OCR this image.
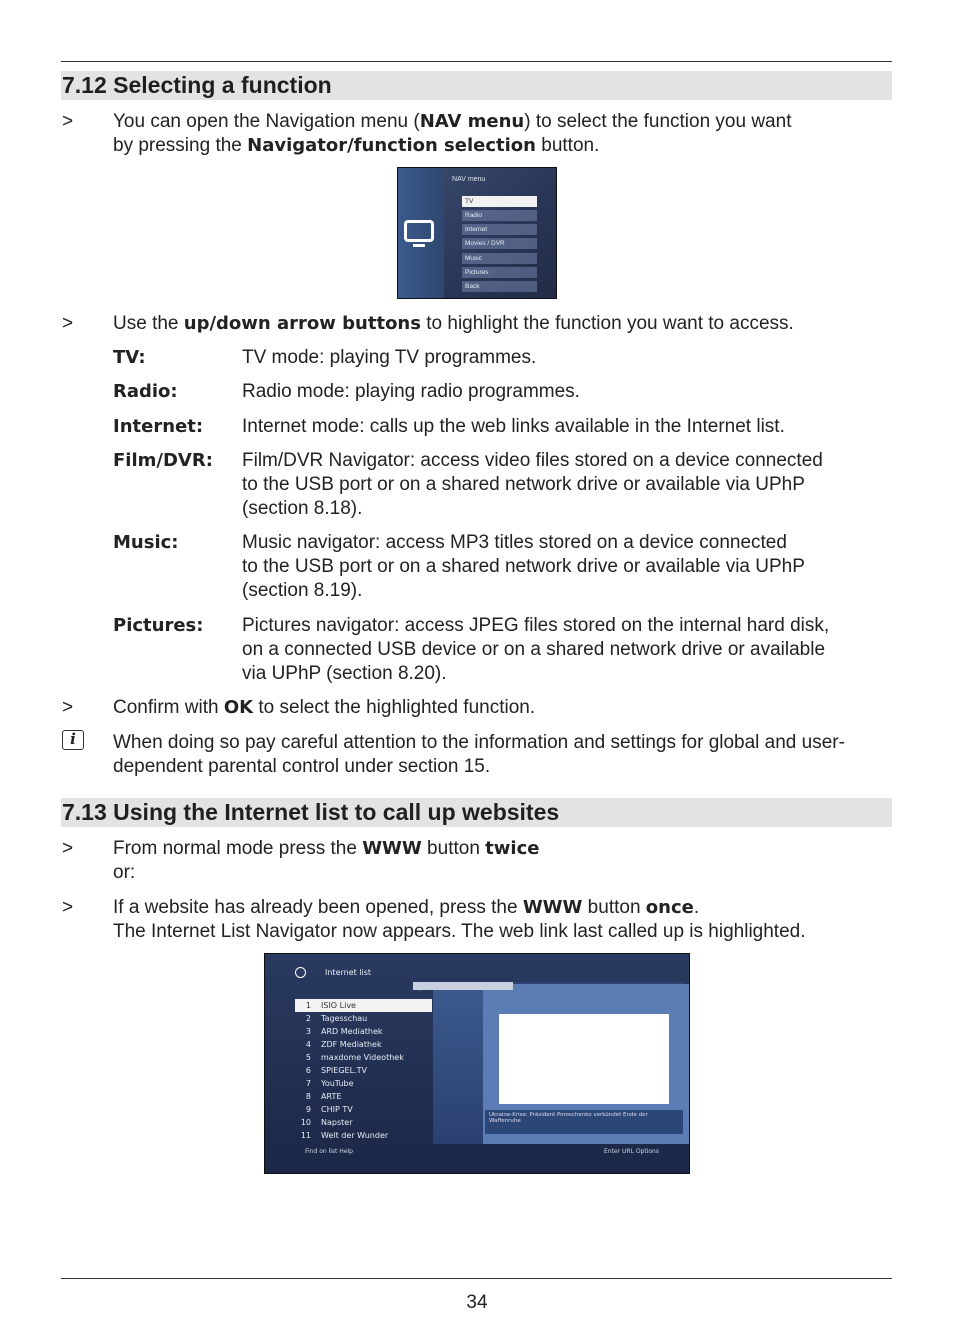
7.12 Selecting a function
> You can open the Navigation menu (NAV menu) to select the function you want
by pressing the Navigator/function selection button.
NAV menu
TV
Radio
Internet
Movies / DVR
Music
Pictures
Back
> Use the up/down arrow buttons to highlight the function you want to access.
TV:	TV mode: playing TV programmes.
Radio:	Radio mode: playing radio programmes.
Internet: Internet mode: calls up the web links available in the Internet list.
Film/DVR: Film/DVR Navigator: access video files stored on a device connected
to the USB port or on a shared network drive or available via UPhP
(section 8.18).
Music:	Music navigator: access MP3 titles stored on a device connected
to the USB port or on a shared network drive or available via UPhP
(section 8.19).
Pictures: Pictures navigator: access JPEG files stored on the internal hard disk,
on a connected USB device or on a shared network drive or available
via UPhP (section 8.20).
> Confirm with OK to select the highlighted function.
i	When doing so pay careful attention to the information and settings for global and user-
dependent parental control under section 15.
7.13 Using the Internet list to call up websites
> From normal mode press the WWW button twice
or:
> If a website has already been opened, press the WWW button once.
The Internet List Navigator now appears. The web link last called up is highlighted.
Internet list
Ukraine-Krise: Präsident Poroschenko verkündet Ende der Waffenruhe
1 ISIO Live
2 Tagesschau
3 ARD Mediathek
4 ZDF Mediathek
5 maxdome Videothek
6 SPIEGEL.TV
7 YouTube
8 ARTE
9 CHIP TV
10 Napster
11 Welt der Wunder
Find on list Help	Enter URL Options
34
